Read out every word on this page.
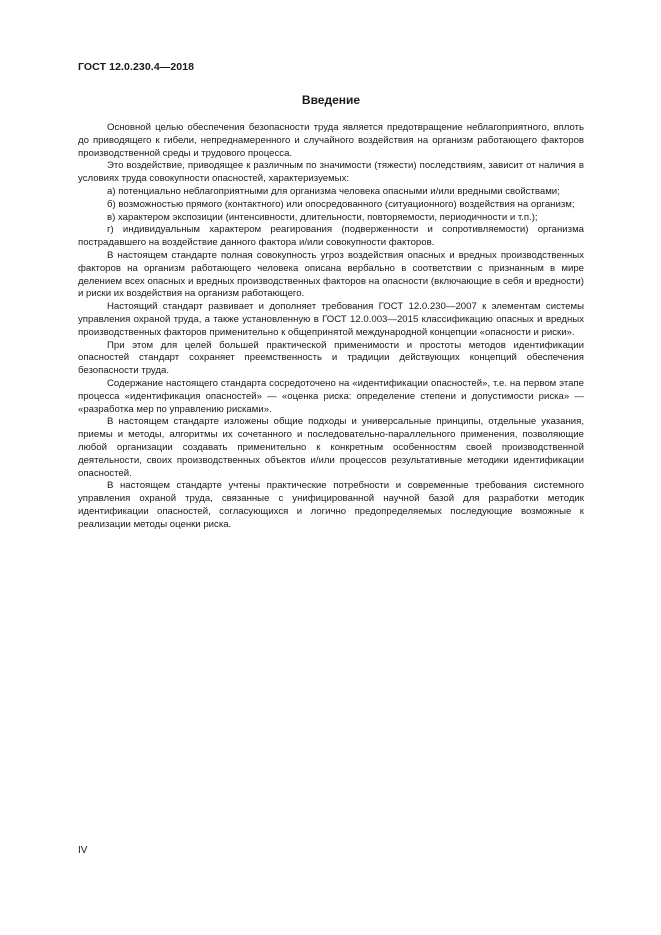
ГОСТ 12.0.230.4—2018
Введение

Основной целью обеспечения безопасности труда является предотвращение неблагоприятного, вплоть до приводящего к гибели, непреднамеренного и случайного воздействия на организм работающего факторов производственной среды и трудового процесса.

Это воздействие, приводящее к различным по значимости (тяжести) последствиям, зависит от наличия в условиях труда совокупности опасностей, характеризуемых:

а) потенциально неблагоприятными для организма человека опасными и/или вредными свойствами;

б) возможностью прямого (контактного) или опосредованного (ситуационного) воздействия на организм;

в) характером экспозиции (интенсивности, длительности, повторяемости, периодичности и т.п.);

г) индивидуальным характером реагирования (подверженности и сопротивляемости) организма пострадавшего на воздействие данного фактора и/или совокупности факторов.

В настоящем стандарте полная совокупность угроз воздействия опасных и вредных производственных факторов на организм работающего человека описана вербально в соответствии с признанным в мире делением всех опасных и вредных производственных факторов на опасности (включающие в себя и вредности) и риски их воздействия на организм работающего.

Настоящий стандарт развивает и дополняет требования ГОСТ 12.0.230—2007 к элементам системы управления охраной труда, а также установленную в ГОСТ 12.0.003—2015 классификацию опасных и вредных производственных факторов применительно к общепринятой международной концепции «опасности и риски».

При этом для целей большей практической применимости и простоты методов идентификации опасностей стандарт сохраняет преемственность и традиции действующих концепций обеспечения безопасности труда.

Содержание настоящего стандарта сосредоточено на «идентификации опасностей», т.е. на первом этапе процесса «идентификация опасностей» — «оценка риска: определение степени и допустимости риска» — «разработка мер по управлению рисками».

В настоящем стандарте изложены общие подходы и универсальные принципы, отдельные указания, приемы и методы, алгоритмы их сочетанного и последовательно-параллельного применения, позволяющие любой организации создавать применительно к конкретным особенностям своей производственной деятельности, своих производственных объектов и/или процессов результативные методики идентификации опасностей.

В настоящем стандарте учтены практические потребности и современные требования системного управления охраной труда, связанные с унифицированной научной базой для разработки методик идентификации опасностей, согласующихся и логично предопределяемых последующие возможные к реализации методы оценки риска.

IV
